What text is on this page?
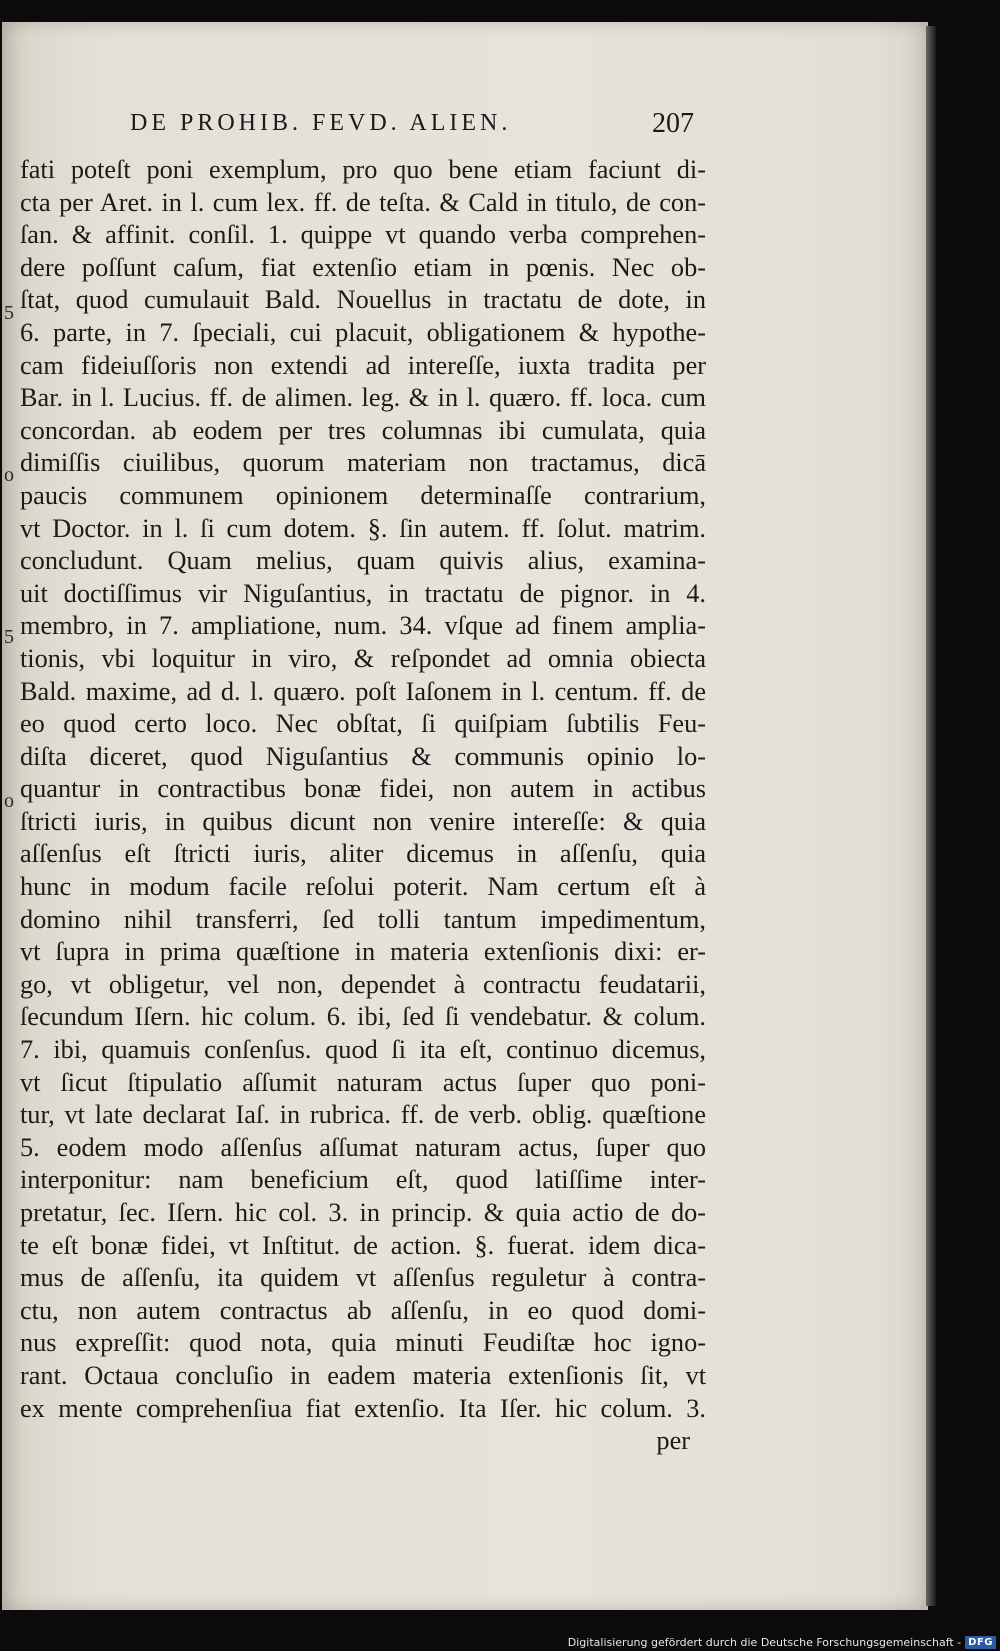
DE PROHIB. FEVD. ALIEN.	207
5
o
5
o
fati poteſt poni exemplum, pro quo bene etiam faciunt di-
cta per Aret. in l. cum lex. ff. de teſta. & Cald in titulo, de con-
ſan. & affinit. conſil. 1. quippe vt quando verba comprehen-
dere poſſunt caſum, fiat extenſio etiam in pœnis. Nec ob-
ſtat, quod cumulauit Bald. Nouellus in tractatu de dote, in
6. parte, in 7. ſpeciali, cui placuit, obligationem & hypothe-
cam fideiuſſoris non extendi ad intereſſe, iuxta tradita per
Bar. in l. Lucius. ff. de alimen. leg. & in l. quæro. ff. loca. cum
concordan. ab eodem per tres columnas ibi cumulata, quia
dimiſſis ciuilibus, quorum materiam non tractamus, dicā
paucis communem opinionem determinaſſe contrarium,
vt Doctor. in l. ſi cum dotem. §. ſin autem. ff. ſolut. matrim.
concludunt. Quam melius, quam quivis alius, examina-
uit doctiſſimus vir Niguſantius, in tractatu de pignor. in 4.
membro, in 7. ampliatione, num. 34. vſque ad finem amplia-
tionis, vbi loquitur in viro, & reſpondet ad omnia obiecta
Bald. maxime, ad d. l. quæro. poſt Iaſonem in l. centum. ff. de
eo quod certo loco. Nec obſtat, ſi quiſpiam ſubtilis Feu-
diſta diceret, quod Niguſantius & communis opinio lo-
quantur in contractibus bonæ fidei, non autem in actibus
ſtricti iuris, in quibus dicunt non venire intereſſe: & quia
aſſenſus eſt ſtricti iuris, aliter dicemus in aſſenſu, quia
hunc in modum facile reſolui poterit. Nam certum eſt à
domino nihil transferri, ſed tolli tantum impedimentum,
vt ſupra in prima quæſtione in materia extenſionis dixi: er-
go, vt obligetur, vel non, dependet à contractu feudatarii,
ſecundum Iſern. hic colum. 6. ibi, ſed ſi vendebatur. & colum.
7. ibi, quamuis conſenſus. quod ſi ita eſt, continuo dicemus,
vt ſicut ſtipulatio aſſumit naturam actus ſuper quo poni-
tur, vt late declarat Iaſ. in rubrica. ff. de verb. oblig. quæſtione
5. eodem modo aſſenſus aſſumat naturam actus, ſuper quo
interponitur: nam beneficium eſt, quod latiſſime inter-
pretatur, ſec. Iſern. hic col. 3. in princip. & quia actio de do-
te eſt bonæ fidei, vt Inſtitut. de action. §. fuerat. idem dica-
mus de aſſenſu, ita quidem vt aſſenſus reguletur à contra-
ctu, non autem contractus ab aſſenſu, in eo quod domi-
nus expreſſit: quod nota, quia minuti Feudiſtæ hoc igno-
rant. Octaua concluſio in eadem materia extenſionis ſit, vt
ex mente comprehenſiua fiat extenſio. Ita Iſer. hic colum. 3.
per
Digitalisierung gefördert durch die Deutsche Forschungsgemeinschaft - DFG
